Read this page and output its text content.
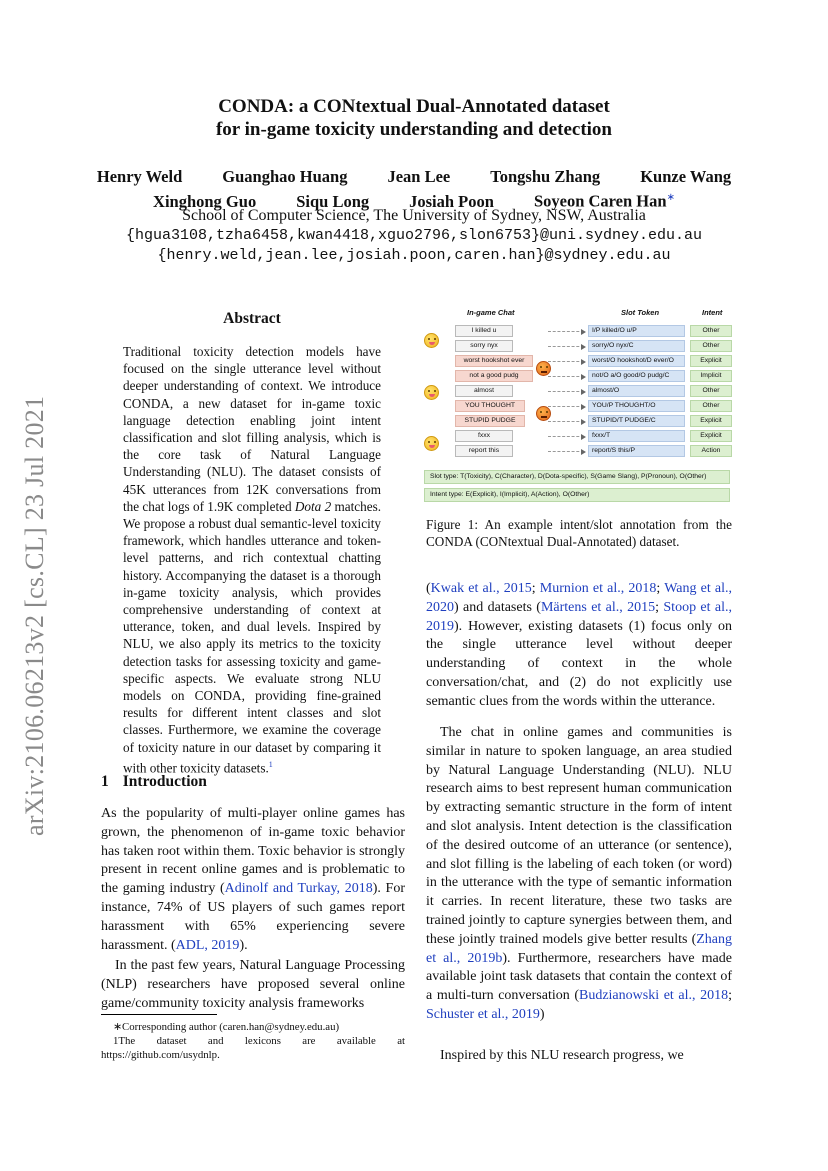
arXiv:2106.06213v2 [cs.CL] 23 Jul 2021
CONDA: a CONtextual Dual-Annotated dataset
for in-game toxicity understanding and detection
Henry Weld Guanghao Huang Jean Lee Tongshu Zhang Kunze Wang
Xinghong Guo Siqu Long Josiah Poon Soyeon Caren Han∗
School of Computer Science, The University of Sydney, NSW, Australia
{hgua3108,tzha6458,kwan4418,xguo2796,slon6753}@uni.sydney.edu.au
{henry.weld,jean.lee,josiah.poon,caren.han}@sydney.edu.au
Abstract
Traditional toxicity detection models have focused on the single utterance level without deeper understanding of context. We introduce CONDA, a new dataset for in-game toxic language detection enabling joint intent classification and slot filling analysis, which is the core task of Natural Language Understanding (NLU). The dataset consists of 45K utterances from 12K conversations from the chat logs of 1.9K completed Dota 2 matches. We propose a robust dual semantic-level toxicity framework, which handles utterance and token-level patterns, and rich contextual chatting history. Accompanying the dataset is a thorough in-game toxicity analysis, which provides comprehensive understanding of context at utterance, token, and dual levels. Inspired by NLU, we also apply its metrics to the toxicity detection tasks for assessing toxicity and game-specific aspects. We evaluate strong NLU models on CONDA, providing fine-grained results for different intent classes and slot classes. Furthermore, we examine the coverage of toxicity nature in our dataset by comparing it with other toxicity datasets.$^1$
1 Introduction
As the popularity of multi-player online games has grown, the phenomenon of in-game toxic behavior has taken root within them. Toxic behavior is strongly present in recent online games and is problematic to the gaming industry (Adinolf and Turkay, 2018). For instance, 74% of US players of such games report harassment with 65% experiencing severe harassment. (ADL, 2019).
In the past few years, Natural Language Processing (NLP) researchers have proposed several online game/community toxicity analysis frameworks

∗Corresponding author (caren.han@sydney.edu.au)

1The dataset and lexicons are available at https://github.com/usydnlp.

In-game Chat	Slot Token	Intent
I killed u	I/P killed/O u/P	Other
sorry nyx	sorry/O nyx/C	Other
worst hookshot ever	worst/O hookshot/D ever/O	Explicit
not a good pudg	not/O a/O good/O pudg/C	Implicit
almost	almost/O	Other
YOU THOUGHT	YOU/P THOUGHT/O	Other
STUPID PUDGE	STUPID/T PUDGE/C	Explicit
fxxx	fxxx/T	Explicit
report this	report/S this/P	Action
Slot type: T(Toxicity), C(Character), D(Dota-specific), S(Game Slang), P(Pronoun), O(Other)
Intent type: E(Explicit), I(Implicit), A(Action), O(Other)
Figure 1: An example intent/slot annotation from the CONDA (CONtextual Dual-Annotated) dataset.
(Kwak et al., 2015; Murnion et al., 2018; Wang et al., 2020) and datasets (Märtens et al., 2015; Stoop et al., 2019). However, existing datasets (1) focus only on the single utterance level without deeper understanding of context in the whole conversation/chat, and (2) do not explicitly use semantic clues from the words within the utterance.
The chat in online games and communities is similar in nature to spoken language, an area studied by Natural Language Understanding (NLU). NLU research aims to best represent human communication by extracting semantic structure in the form of intent and slot analysis. Intent detection is the classification of the desired outcome of an utterance (or sentence), and slot filling is the labeling of each token (or word) in the utterance with the type of semantic information it carries. In recent literature, these two tasks are trained jointly to capture synergies between them, and these jointly trained models give better results (Zhang et al., 2019b). Furthermore, researchers have made available joint task datasets that contain the context of a multi-turn conversation (Budzianowski et al., 2018; Schuster et al., 2019)
Inspired by this NLU research progress, we
